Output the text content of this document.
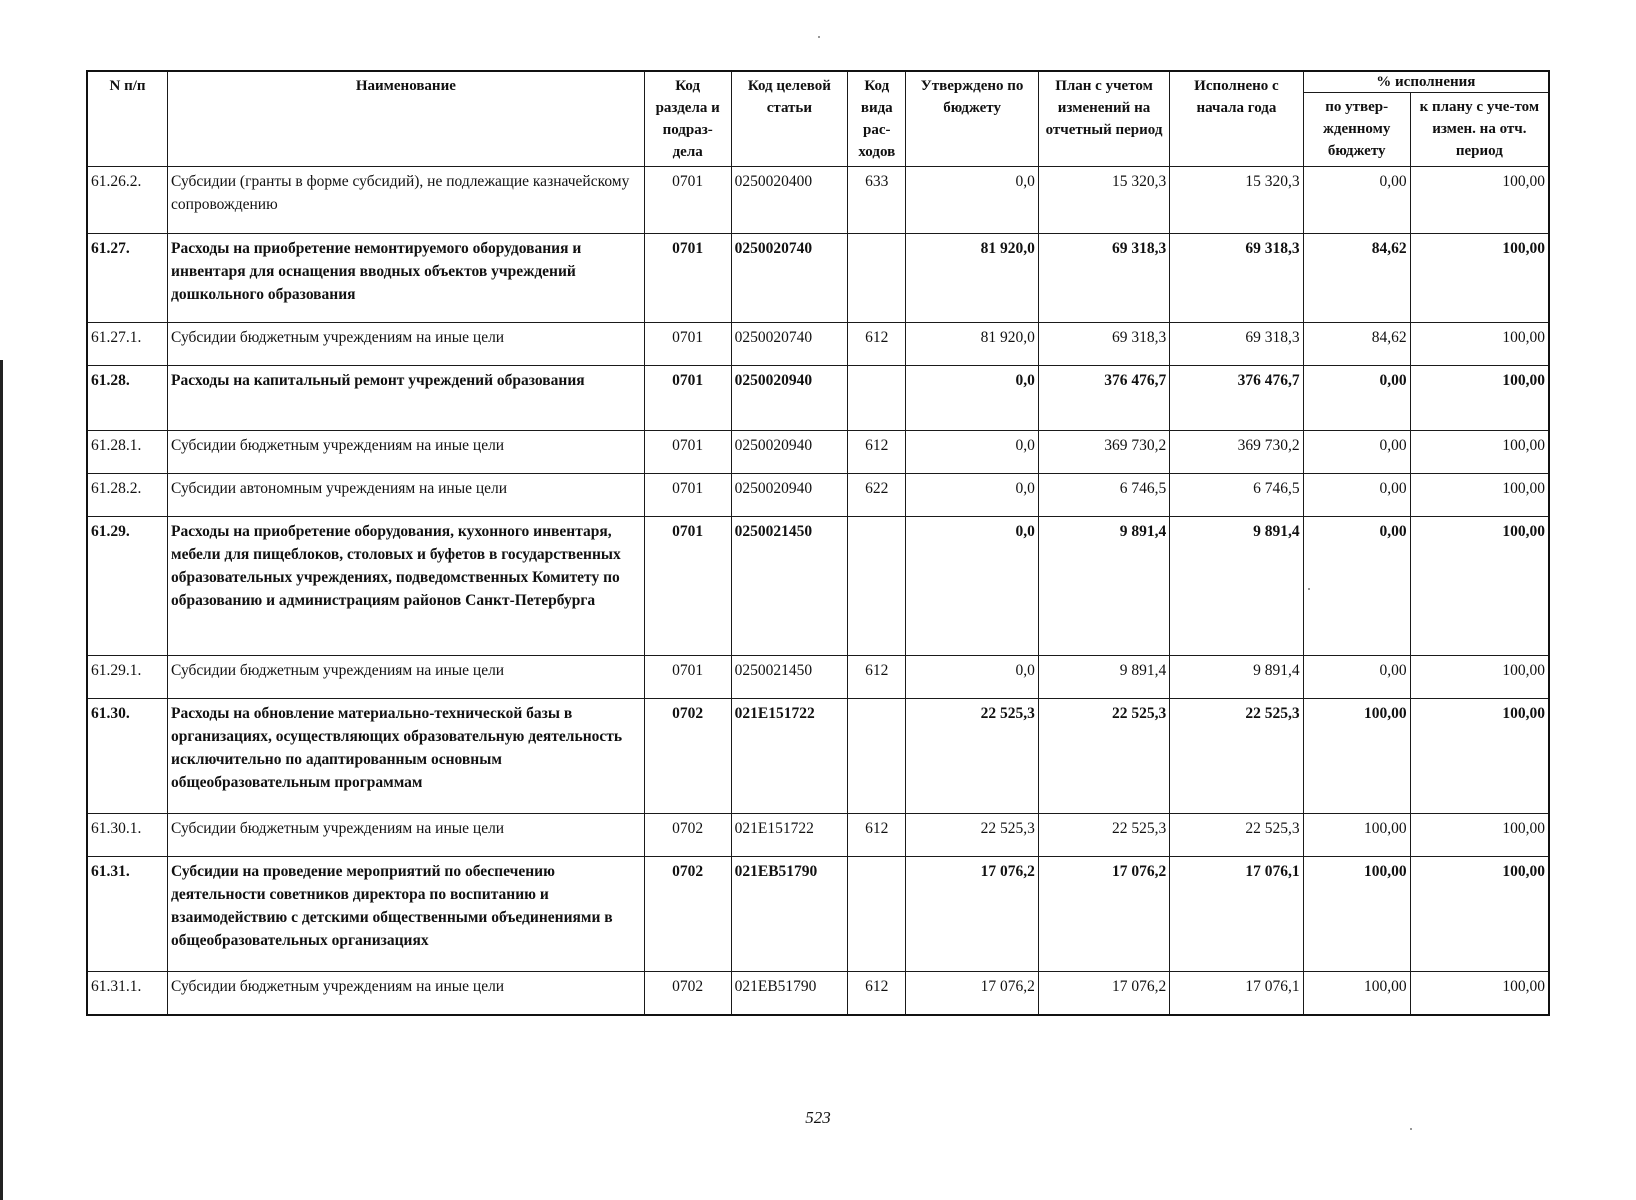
N п/п	Наименование	Код раздела и подраз-дела	Код целевой статьи	Код вида рас-ходов	Утверждено по бюджету	План с учетом изменений на отчетный период	Исполнено с начала года	% исполнения	
								по утвер-жденному бюджету	к плану с уче-том измен. на отч. период
61.26.2.	Субсидии (гранты в форме субсидий), не подлежащие казначейскому сопровождению	0701	0250020400	633	0,0	15 320,3	15 320,3	0,00	100,00
61.27.	Расходы на приобретение немонтируемого оборудования и инвентаря для оснащения вводных объектов учреждений дошкольного образования	0701	0250020740		81 920,0	69 318,3	69 318,3	84,62	100,00
61.27.1.	Субсидии бюджетным учреждениям на иные цели	0701	0250020740	612	81 920,0	69 318,3	69 318,3	84,62	100,00
61.28.	Расходы на капитальный ремонт учреждений образования	0701	0250020940		0,0	376 476,7	376 476,7	0,00	100,00
61.28.1.	Субсидии бюджетным учреждениям на иные цели	0701	0250020940	612	0,0	369 730,2	369 730,2	0,00	100,00
61.28.2.	Субсидии автономным учреждениям на иные цели	0701	0250020940	622	0,0	6 746,5	6 746,5	0,00	100,00
61.29.	Расходы на приобретение оборудования, кухонного инвентаря, мебели для пищеблоков, столовых и буфетов в государственных образовательных учреждениях, подведомственных Комитету по образованию и администрациям районов Санкт-Петербурга	0701	0250021450		0,0	9 891,4	9 891,4	0,00	100,00
61.29.1.	Субсидии бюджетным учреждениям на иные цели	0701	0250021450	612	0,0	9 891,4	9 891,4	0,00	100,00
61.30.	Расходы на обновление материально-технической базы в организациях, осуществляющих образовательную деятельность исключительно по адаптированным основным общеобразовательным программам	0702	021E151722		22 525,3	22 525,3	22 525,3	100,00	100,00
61.30.1.	Субсидии бюджетным учреждениям на иные цели	0702	021E151722	612	22 525,3	22 525,3	22 525,3	100,00	100,00
61.31.	Субсидии на проведение мероприятий по обеспечению деятельности советников директора по воспитанию и взаимодействию с детскими общественными объединениями в общеобразовательных организациях	0702	021EB51790		17 076,2	17 076,2	17 076,1	100,00	100,00
61.31.1.	Субсидии бюджетным учреждениям на иные цели	0702	021EB51790	612	17 076,2	17 076,2	17 076,1	100,00	100,00
523
